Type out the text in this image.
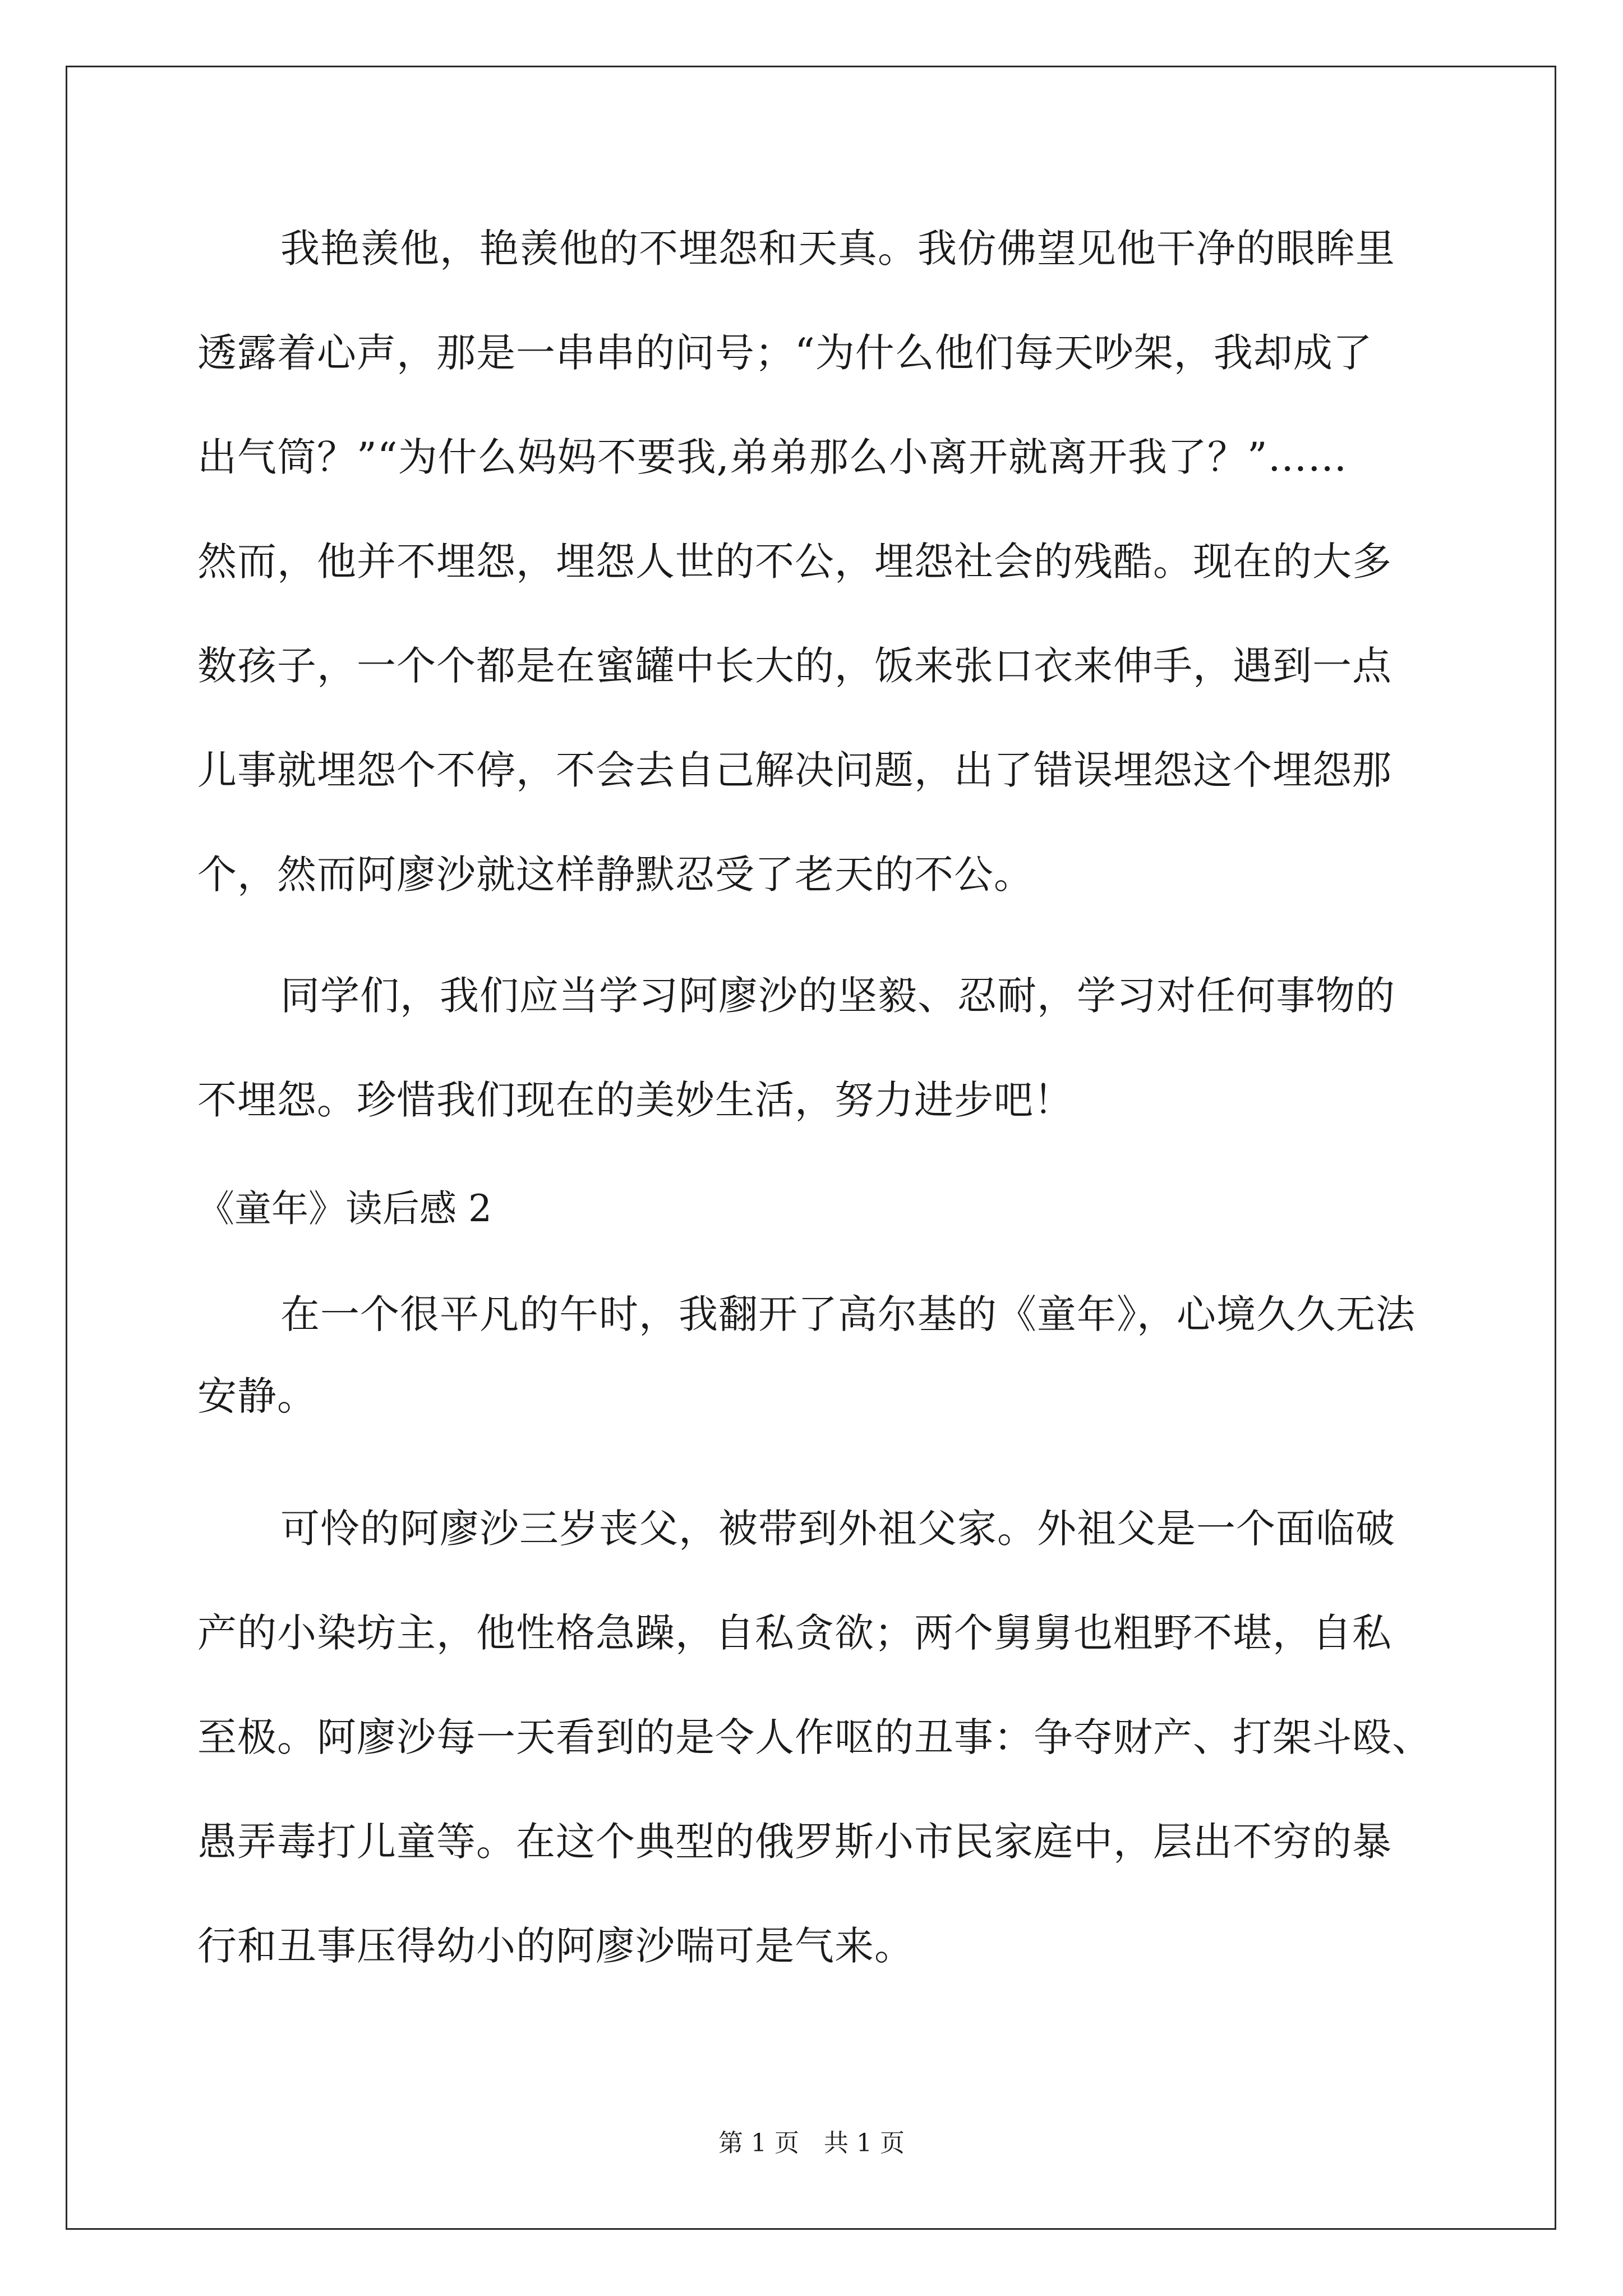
我艳羡他，艳羡他的不埋怨和天真。我仿佛望见他干净的眼眸里
透露着心声，那是一串串的问号；“为什么他们每天吵架，我却成了
出气筒？”“为什么妈妈不要我,弟弟那么小离开就离开我了？”……
然而，他并不埋怨，埋怨人世的不公，埋怨社会的残酷。现在的大多
数孩子，一个个都是在蜜罐中长大的，饭来张口衣来伸手，遇到一点
儿事就埋怨个不停，不会去自己解决问题，出了错误埋怨这个埋怨那
个，然而阿廖沙就这样静默忍受了老天的不公。
同学们，我们应当学习阿廖沙的坚毅、忍耐，学习对任何事物的
不埋怨。珍惜我们现在的美妙生活，努力进步吧！
《童年》读后感 2
在一个很平凡的午时，我翻开了高尔基的《童年》，心境久久无法
安静。
可怜的阿廖沙三岁丧父，被带到外祖父家。外祖父是一个面临破
产的小染坊主，他性格急躁，自私贪欲；两个舅舅也粗野不堪，自私
至极。阿廖沙每一天看到的是令人作呕的丑事：争夺财产、打架斗殴、
愚弄毒打儿童等。在这个典型的俄罗斯小市民家庭中，层出不穷的暴
行和丑事压得幼小的阿廖沙喘可是气来。
第 1 页　共 1 页
